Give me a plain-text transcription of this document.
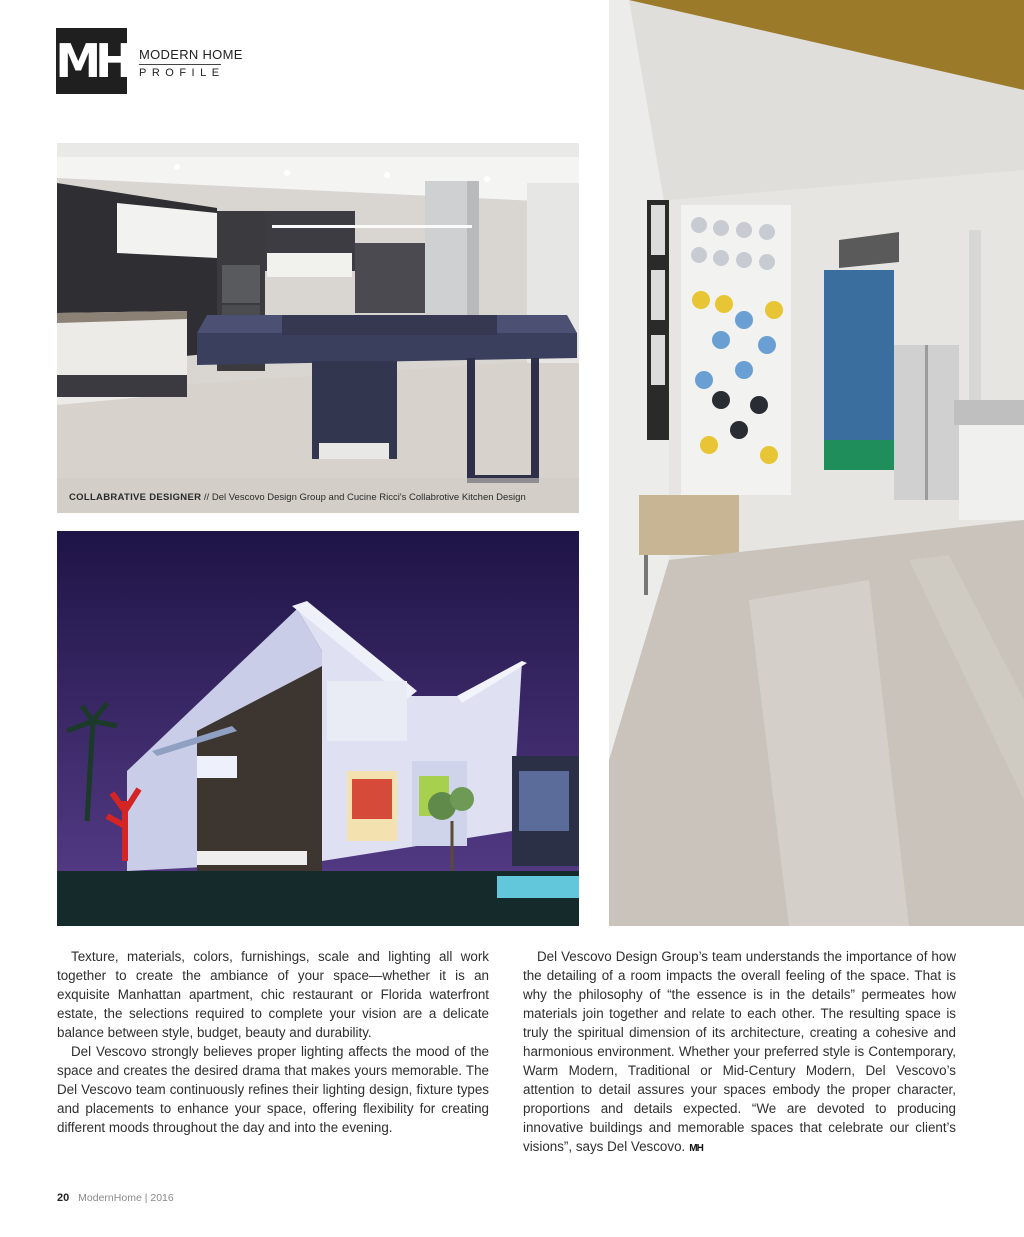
MH MODERN HOME
PROFILE
COLLABRATIVE DESIGNER // Del Vescovo Design Group and Cucine Ricci's Collabrotive Kitchen Design

Texture, materials, colors, furnishings, scale and lighting all work together to create the ambiance of your space—whether it is an exquisite Manhattan apartment, chic restaurant or Florida waterfront estate, the selections required to complete your vision are a delicate balance between style, budget, beauty and durability.

Del Vescovo strongly believes proper lighting affects the mood of the space and creates the desired drama that makes yours memorable. The Del Vescovo team continuously refines their lighting design, fixture types and placements to enhance your space, offering flexibility for creating different moods throughout the day and into the evening.

Del Vescovo Design Group’s team understands the importance of how the detailing of a room impacts the overall feeling of the space. That is why the philosophy of “the essence is in the details” permeates how materials join together and relate to each other. The resulting space is truly the spiritual dimension of its architecture, creating a cohesive and harmonious environment. Whether your preferred style is Contemporary, Warm Modern, Traditional or Mid-Century Modern, Del Vescovo’s attention to detail assures your spaces embody the proper character, proportions and details expected. “We are devoted to producing innovative buildings and memorable spaces that celebrate our client’s visions”, says Del Vescovo. MH

20 ModernHome | 2016
